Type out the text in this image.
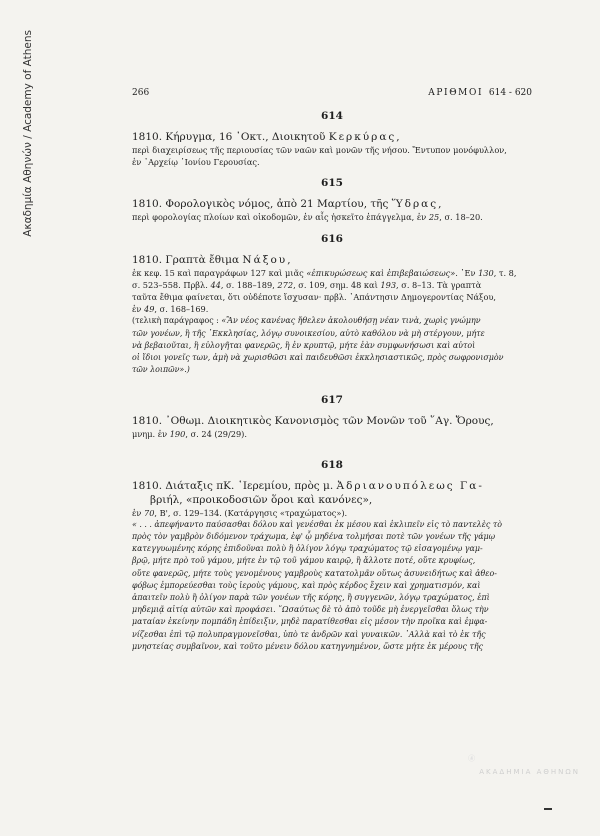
Ακαδημία Αθηνών / Academy of Athens	266	ΑΡΙΘΜΟΙ 614 - 620
614
1810. Κήρυγμα, 16 ᾿Οκτ., Διοικητοῦ Κερκύρας,
περὶ διαχειρίσεως τῆς περιουσίας τῶν ναῶν καὶ μονῶν τῆς νήσου. Ἔντυπον μονόφυλλον,
ἐν ᾿Αρχείῳ ᾿Ιονίου Γερουσίας.
615
1810. Φορολογικὸς νόμος, ἀπὸ 21 Μαρτίου, τῆς Ὕδρας,
περὶ φορολογίας πλοίων καὶ οἰκοδομῶν, ἐν αἷς ἠσκεῖτο ἐπάγγελμα, ἐν 25, σ. 18–20.
616
1810. Γραπτὰ ἔθιμα Νάξου,
ἐκ κεφ. 15 καὶ παραγράφων 127 καὶ μιᾶς «ἐπικυρώσεως καὶ ἐπιβεβαιώσεως». ᾿Εν 130, τ. 8,
σ. 523–558. Πρβλ. 44, σ. 188–189, 272, σ. 109, σημ. 48 καὶ 193, σ. 8–13. Τὰ γραπτὰ
ταῦτα ἔθιμα φαίνεται, ὅτι οὐδέποτε ἴσχυσαν· πρβλ. ᾿Απάντησιν Δημογεροντίας Νάξου,
ἐν 49, σ. 168–169.
(τελικὴ παράγραφος : «Ἂν νέος κανένας ἤθελεν ἀκολουθήσῃ νέαν τινὰ, χωρὶς γνώμην
τῶν γονέων, ἢ τῆς ᾿Εκκλησίας, λόγῳ συνοικεσίου, αὐτὸ καθόλου νὰ μὴ στέργουν, μήτε
νὰ βεβαιοῦται, ἢ εὐλογῆται φανερῶς, ἢ ἐν κρυπτῷ, μήτε ἐὰν συμφωνήσωσι καὶ αὐτοὶ
οἱ ἴδιοι γονεῖς των, ἀμὴ νὰ χωρισθῶσι καὶ παιδευθῶσι ἐκκλησιαστικῶς, πρὸς σωφρονισμὸν
τῶν λοιπῶν».)
617
1810. ᾿Οθωμ. Διοικητικὸς Κανονισμὸς τῶν Μονῶν τοῦ ῞Αγ. Ὄρους,
μνημ. ἐν 190, σ. 24 (29/29).
618
1810. Διάταξις πΚ. ῾Ιερεμίου, πρὸς μ. Ἀδριανουπόλεως Γα-
βριήλ, «προικοδοσιῶν ὅροι καὶ κανόνες»,
ἐν 70, Β', σ. 129–134. (Κατάργησις «τραχώματος»).
« . . . ἀπεφήναντο παύσασθαι δόλου καὶ γενέσθαι ἐκ μέσου καὶ ἐκλιπεῖν εἰς τὸ παντελὲς τὸ
πρὸς τὸν γαμβρὸν διδόμενον τράχωμα, ἐφ' ᾧ μηδένα τολμήσαι ποτὲ τῶν γονέων τῆς γάμῳ
κατεγγυωμένης κόρης ἐπιδοῦναι πολὺ ἢ ὀλίγον λόγῳ τραχώματος τῷ εἰσαγομένῳ γαμ-
βρῷ, μήτε πρὸ τοῦ γάμου, μήτε ἐν τῷ τοῦ γάμου καιρῷ, ἢ ἄλλοτε ποτέ, οὔτε κρυφίως,
οὔτε φανερῶς, μήτε τοὺς γενομένους γαμβροὺς κατατολμᾶν οὕτως ἀσυνειδήτως καὶ ἀθεο-
φόβως ἐμπορεύεσθαι τοὺς ἱεροὺς γάμους, καὶ πρὸς κέρδος ἔχειν καὶ χρηματισμόν, καὶ
ἀπαιτεῖν πολὺ ἢ ὀλίγον παρὰ τῶν γονέων τῆς κόρης, ἢ συγγενῶν, λόγῳ τραχώματος, ἐπὶ
μηδεμιᾷ αἰτίᾳ αὐτῶν καὶ προφάσει. ῞Ωσαύτως δὲ τὸ ἀπὸ τοῦδε μὴ ἐνεργεῖσθαι ὅλως τὴν
ματαίαν ἐκείνην πομπάδη ἐπίδειξιν, μηδὲ παρατίθεσθαι εἰς μέσον τὴν προῖκα καὶ ἐμφα-
νίζεσθαι ἐπὶ τῷ πολυπραγμονεῖσθαι, ὑπὸ τε ἀνδρῶν καὶ γυναικῶν. ᾿Αλλὰ καὶ τὸ ἐκ τῆς
μνηστείας συμβαῖνον, καὶ τοῦτο μένειν δόλου κατηγνημένον, ὥστε μήτε ἐκ μέρους τῆς
ΑΚΑΔΗΜΙΑ ΑΘΗΝΩΝ
